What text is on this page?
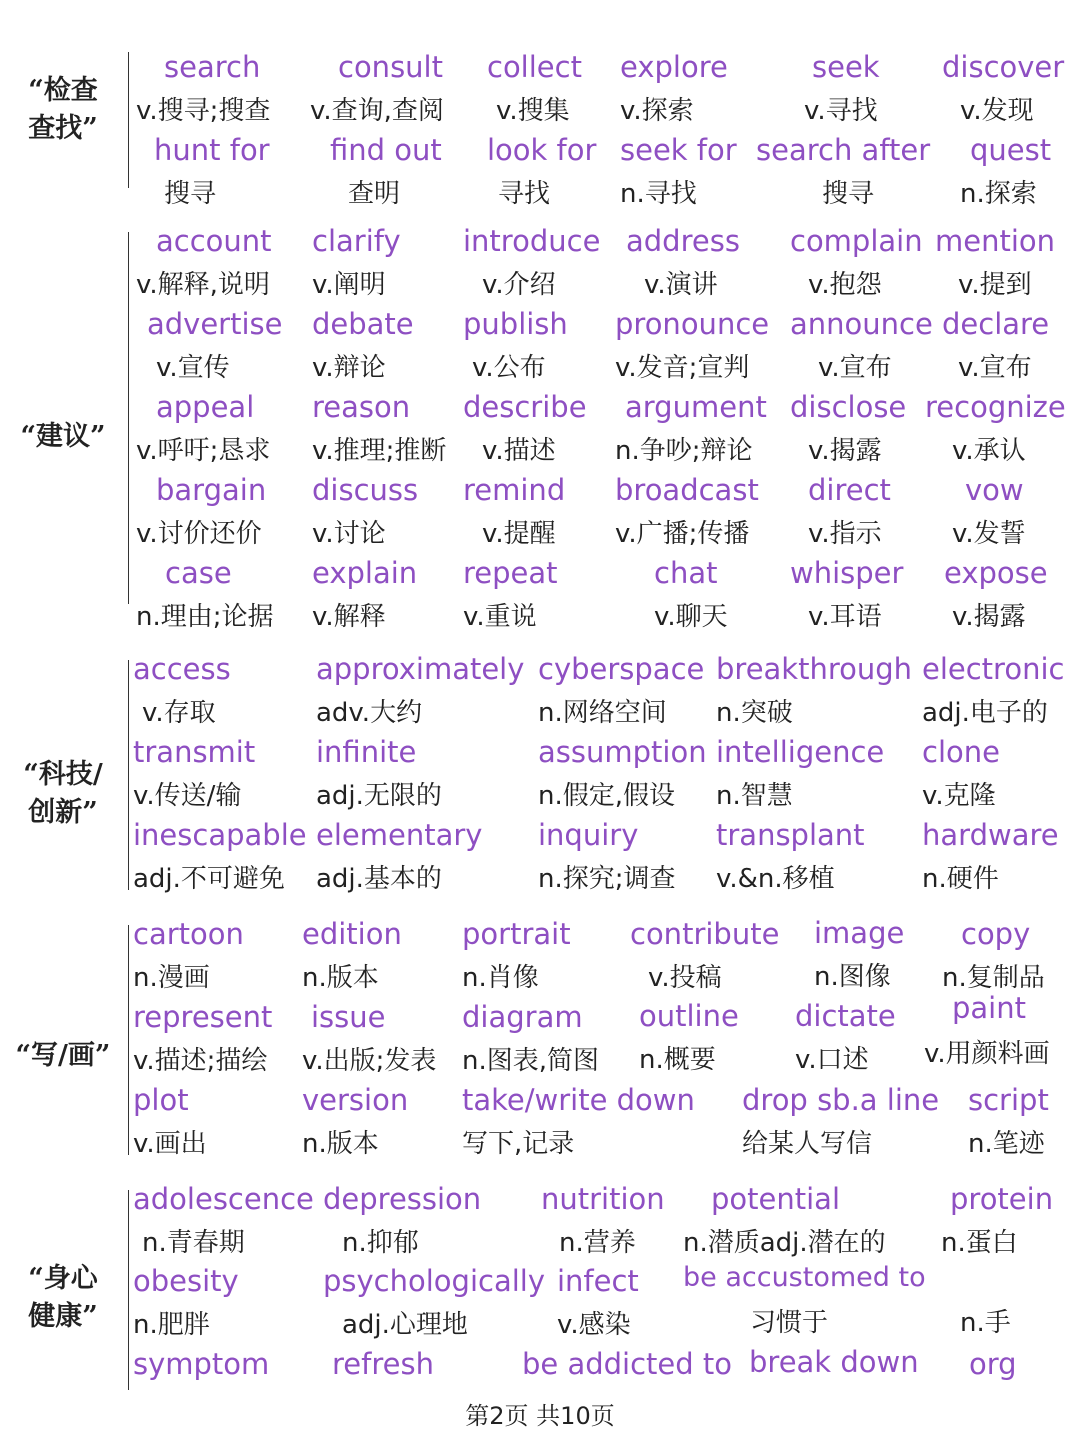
“检查
查找”
search
v.搜寻;搜查
consult
v.查询,查阅
collect
v.搜集
explore
v.探索
seek
v.寻找
discover
v.发现
hunt for
搜寻
find out
查明
look for
寻找
seek for
n.寻找
search after
搜寻
quest
n.探索
“建议”
account
v.解释,说明
clarify
v.阐明
introduce
v.介绍
address
v.演讲
complain
v.抱怨
mention
v.提到
advertise
v.宣传
debate
v.辩论
publish
v.公布
pronounce
v.发音;宣判
announce
v.宣布
declare
v.宣布
appeal
v.呼吁;恳求
reason
v.推理;推断
describe
v.描述
argument
n.争吵;辩论
disclose
v.揭露
recognize
v.承认
bargain
v.讨价还价
discuss
v.讨论
remind
v.提醒
broadcast
v.广播;传播
direct
v.指示
vow
v.发誓
case
n.理由;论据
explain
v.解释
repeat
v.重说
chat
v.聊天
whisper
v.耳语
expose
v.揭露
“科技/
创新”
access
v.存取
approximately
adv.大约
cyberspace
n.网络空间
breakthrough
n.突破
electronic
adj.电子的
transmit
v.传送/输
infinite
adj.无限的
assumption
n.假定,假设
intelligence
n.智慧
clone
v.克隆
inescapable
adj.不可避免
elementary
adj.基本的
inquiry
n.探究;调查
transplant
v.&n.移植
hardware
n.硬件
“写/画”
cartoon
n.漫画
edition
n.版本
portrait
n.肖像
contribute
v.投稿
image
n.图像
copy
n.复制品
represent
v.描述;描绘
issue
v.出版;发表
diagram
n.图表,简图
outline
n.概要
dictate
v.口述
paint
v.用颜料画
plot
v.画出
version
n.版本
take/write down
写下,记录
drop sb.a line
给某人写信
script
n.笔迹
“身心
健康”
adolescence
n.青春期
depression
n.抑郁
nutrition
n.营养
potential
n.潜质adj.潜在的
protein
n.蛋白
obesity
n.肥胖
psychologically
adj.心理地
infect
v.感染
be accustomed to
习惯于	n.手
symptom refresh	be addicted to break down org
第2页 共10页
